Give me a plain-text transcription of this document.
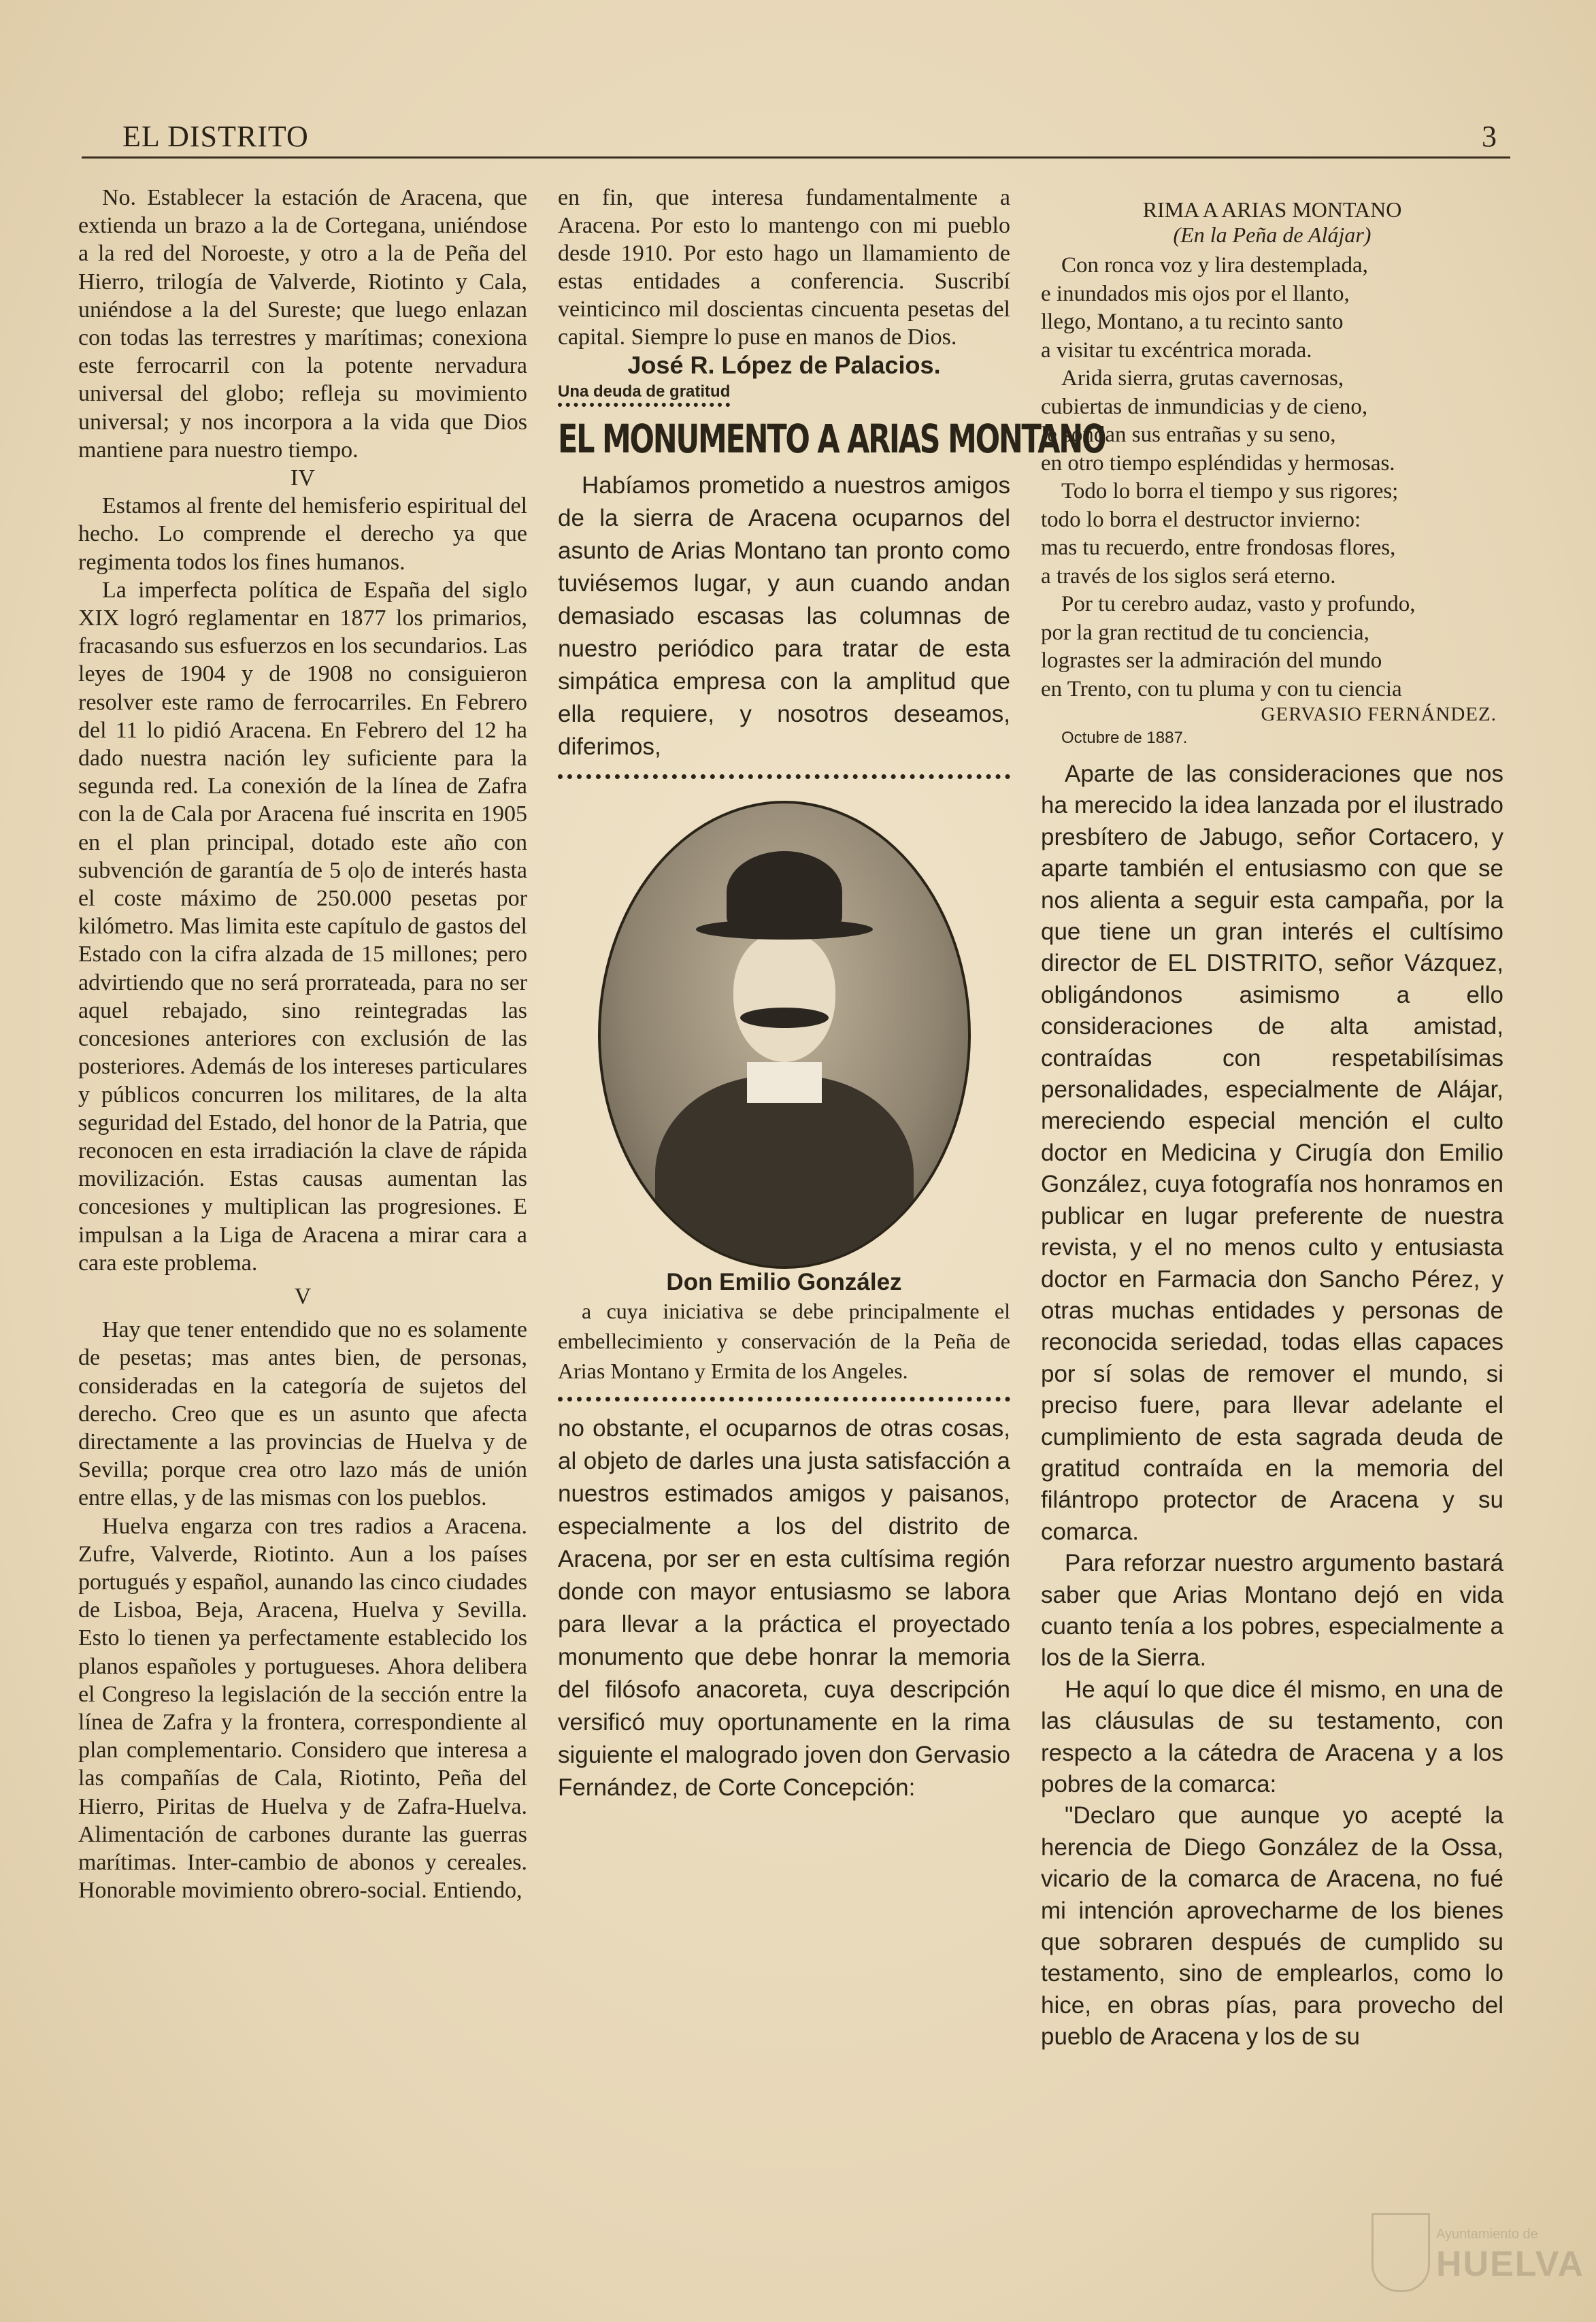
EL DISTRITO	3

No. Establecer la estación de Aracena, que extienda un brazo a la de Cortegana, uniéndose a la red del Noroeste, y otro a la de Peña del Hierro, trilogía de Valverde, Riotinto y Cala, uniéndose a la del Sureste; que luego enlazan con todas las terrestres y marítimas; conexiona este ferrocarril con la potente nervadura universal del globo; refleja su movimiento universal; y nos incorpora a la vida que Dios mantiene para nuestro tiempo.

IV

Estamos al frente del hemisferio espiritual del hecho. Lo comprende el derecho ya que regimenta todos los fines humanos.

La imperfecta política de España del siglo XIX logró reglamentar en 1877 los primarios, fracasando sus esfuerzos en los secundarios. Las leyes de 1904 y de 1908 no consiguieron resolver este ramo de ferrocarriles. En Febrero del 11 lo pidió Aracena. En Febrero del 12 ha dado nuestra nación ley suficiente para la segunda red. La conexión de la línea de Zafra con la de Cala por Aracena fué inscrita en 1905 en el plan principal, dotado este año con subvención de garantía de 5 o|o de interés hasta el coste máximo de 250.000 pesetas por kilómetro. Mas limita este capítulo de gastos del Estado con la cifra alzada de 15 millones; pero advirtiendo que no será prorrateada, para no ser aquel rebajado, sino reintegradas las concesiones anteriores con exclusión de las posteriores. Además de los intereses particulares y públicos concurren los militares, de la alta seguridad del Estado, del honor de la Patria, que reconocen en esta irradiación la clave de rápida movilización. Estas causas aumentan las concesiones y multiplican las progresiones. E impulsan a la Liga de Aracena a mirar cara a cara este problema.

V

Hay que tener entendido que no es solamente de pesetas; mas antes bien, de personas, consideradas en la categoría de sujetos del derecho. Creo que es un asunto que afecta directamente a las provincias de Huelva y de Sevilla; porque crea otro lazo más de unión entre ellas, y de las mismas con los pueblos.

Huelva engarza con tres radios a Aracena. Zufre, Valverde, Riotinto. Aun a los países portugués y español, aunando las cinco ciudades de Lisboa, Beja, Aracena, Huelva y Sevilla. Esto lo tienen ya perfectamente establecido los planos españoles y portugueses. Ahora delibera el Congreso la legislación de la sección entre la línea de Zafra y la frontera, correspondiente al plan complementario. Considero que interesa a las compañías de Cala, Riotinto, Peña del Hierro, Piritas de Huelva y de Zafra-Huelva. Alimentación de carbones durante las guerras marítimas. Inter-cambio de abonos y cereales. Honorable movimiento obrero-social. Entiendo,

en fin, que interesa fundamentalmente a Aracena. Por esto lo mantengo con mi pueblo desde 1910. Por esto hago un llamamiento de estas entidades a conferencia. Suscribí veinticinco mil doscientas cincuenta pesetas del capital. Siempre lo puse en manos de Dios.

José R. López de Palacios.

Una deuda de gratitud
EL MONUMENTO A ARIAS MONTANO

Habíamos prometido a nuestros amigos de la sierra de Aracena ocuparnos del asunto de Arias Montano tan pronto como tuviésemos lugar, y aun cuando andan demasiado escasas las columnas de nuestro periódico para tratar de esta simpática empresa con la amplitud que ella requiere, y nosotros deseamos, diferimos,

Don Emilio González

a cuya iniciativa se debe principalmente el embellecimiento y conservación de la Peña de Arias Montano y Ermita de los Angeles.

no obstante, el ocuparnos de otras cosas, al objeto de darles una justa satisfacción a nuestros estimados amigos y paisanos, especialmente a los del distrito de Aracena, por ser en esta cultísima región donde con mayor entusiasmo se labora para llevar a la práctica el proyectado monumento que debe honrar la memoria del filósofo anacoreta, cuya descripción versificó muy oportunamente en la rima siguiente el malogrado joven don Gervasio Fernández, de Corte Concepción:

RIMA A ARIAS MONTANO

(En la Peña de Alájar)

Con ronca voz y lira destemplada,

e inundados mis ojos por el llanto,

llego, Montano, a tu recinto santo

a visitar tu excéntrica morada.

Arida sierra, grutas cavernosas,

cubiertas de inmundicias y de cieno,

le sondan sus entrañas y su seno,

en otro tiempo espléndidas y hermosas.

Todo lo borra el tiempo y sus rigores;

todo lo borra el destructor invierno:

mas tu recuerdo, entre frondosas flores,

a través de los siglos será eterno.

Por tu cerebro audaz, vasto y profundo,

por la gran rectitud de tu conciencia,

lograstes ser la admiración del mundo

en Trento, con tu pluma y con tu ciencia

GERVASIO FERNÁNDEZ.

Octubre de 1887.

Aparte de las consideraciones que nos ha merecido la idea lanzada por el ilustrado presbítero de Jabugo, señor Cortacero, y aparte también el entusiasmo con que se nos alienta a seguir esta campaña, por la que tiene un gran interés el cultísimo director de EL DISTRITO, señor Vázquez, obligándonos asimismo a ello consideraciones de alta amistad, contraídas con respetabilísimas personalidades, especialmente de Alájar, mereciendo especial mención el culto doctor en Medicina y Cirugía don Emilio González, cuya fotografía nos honramos en publicar en lugar preferente de nuestra revista, y el no menos culto y entusiasta doctor en Farmacia don Sancho Pérez, y otras muchas entidades y personas de reconocida seriedad, todas ellas capaces por sí solas de remover el mundo, si preciso fuere, para llevar adelante el cumplimiento de esta sagrada deuda de gratitud contraída en la memoria del filántropo protector de Aracena y su comarca.

Para reforzar nuestro argumento bastará saber que Arias Montano dejó en vida cuanto tenía a los pobres, especialmente a los de la Sierra.

He aquí lo que dice él mismo, en una de las cláusulas de su testamento, con respecto a la cátedra de Aracena y a los pobres de la comarca:

"Declaro que aunque yo acepté la herencia de Diego González de la Ossa, vicario de la comarca de Aracena, no fué mi intención aprovecharme de los bienes que sobraren después de cumplido su testamento, sino de emplearlos, como lo hice, en obras pías, para provecho del pueblo de Aracena y los de su

Ayuntamiento de
HUELVA
